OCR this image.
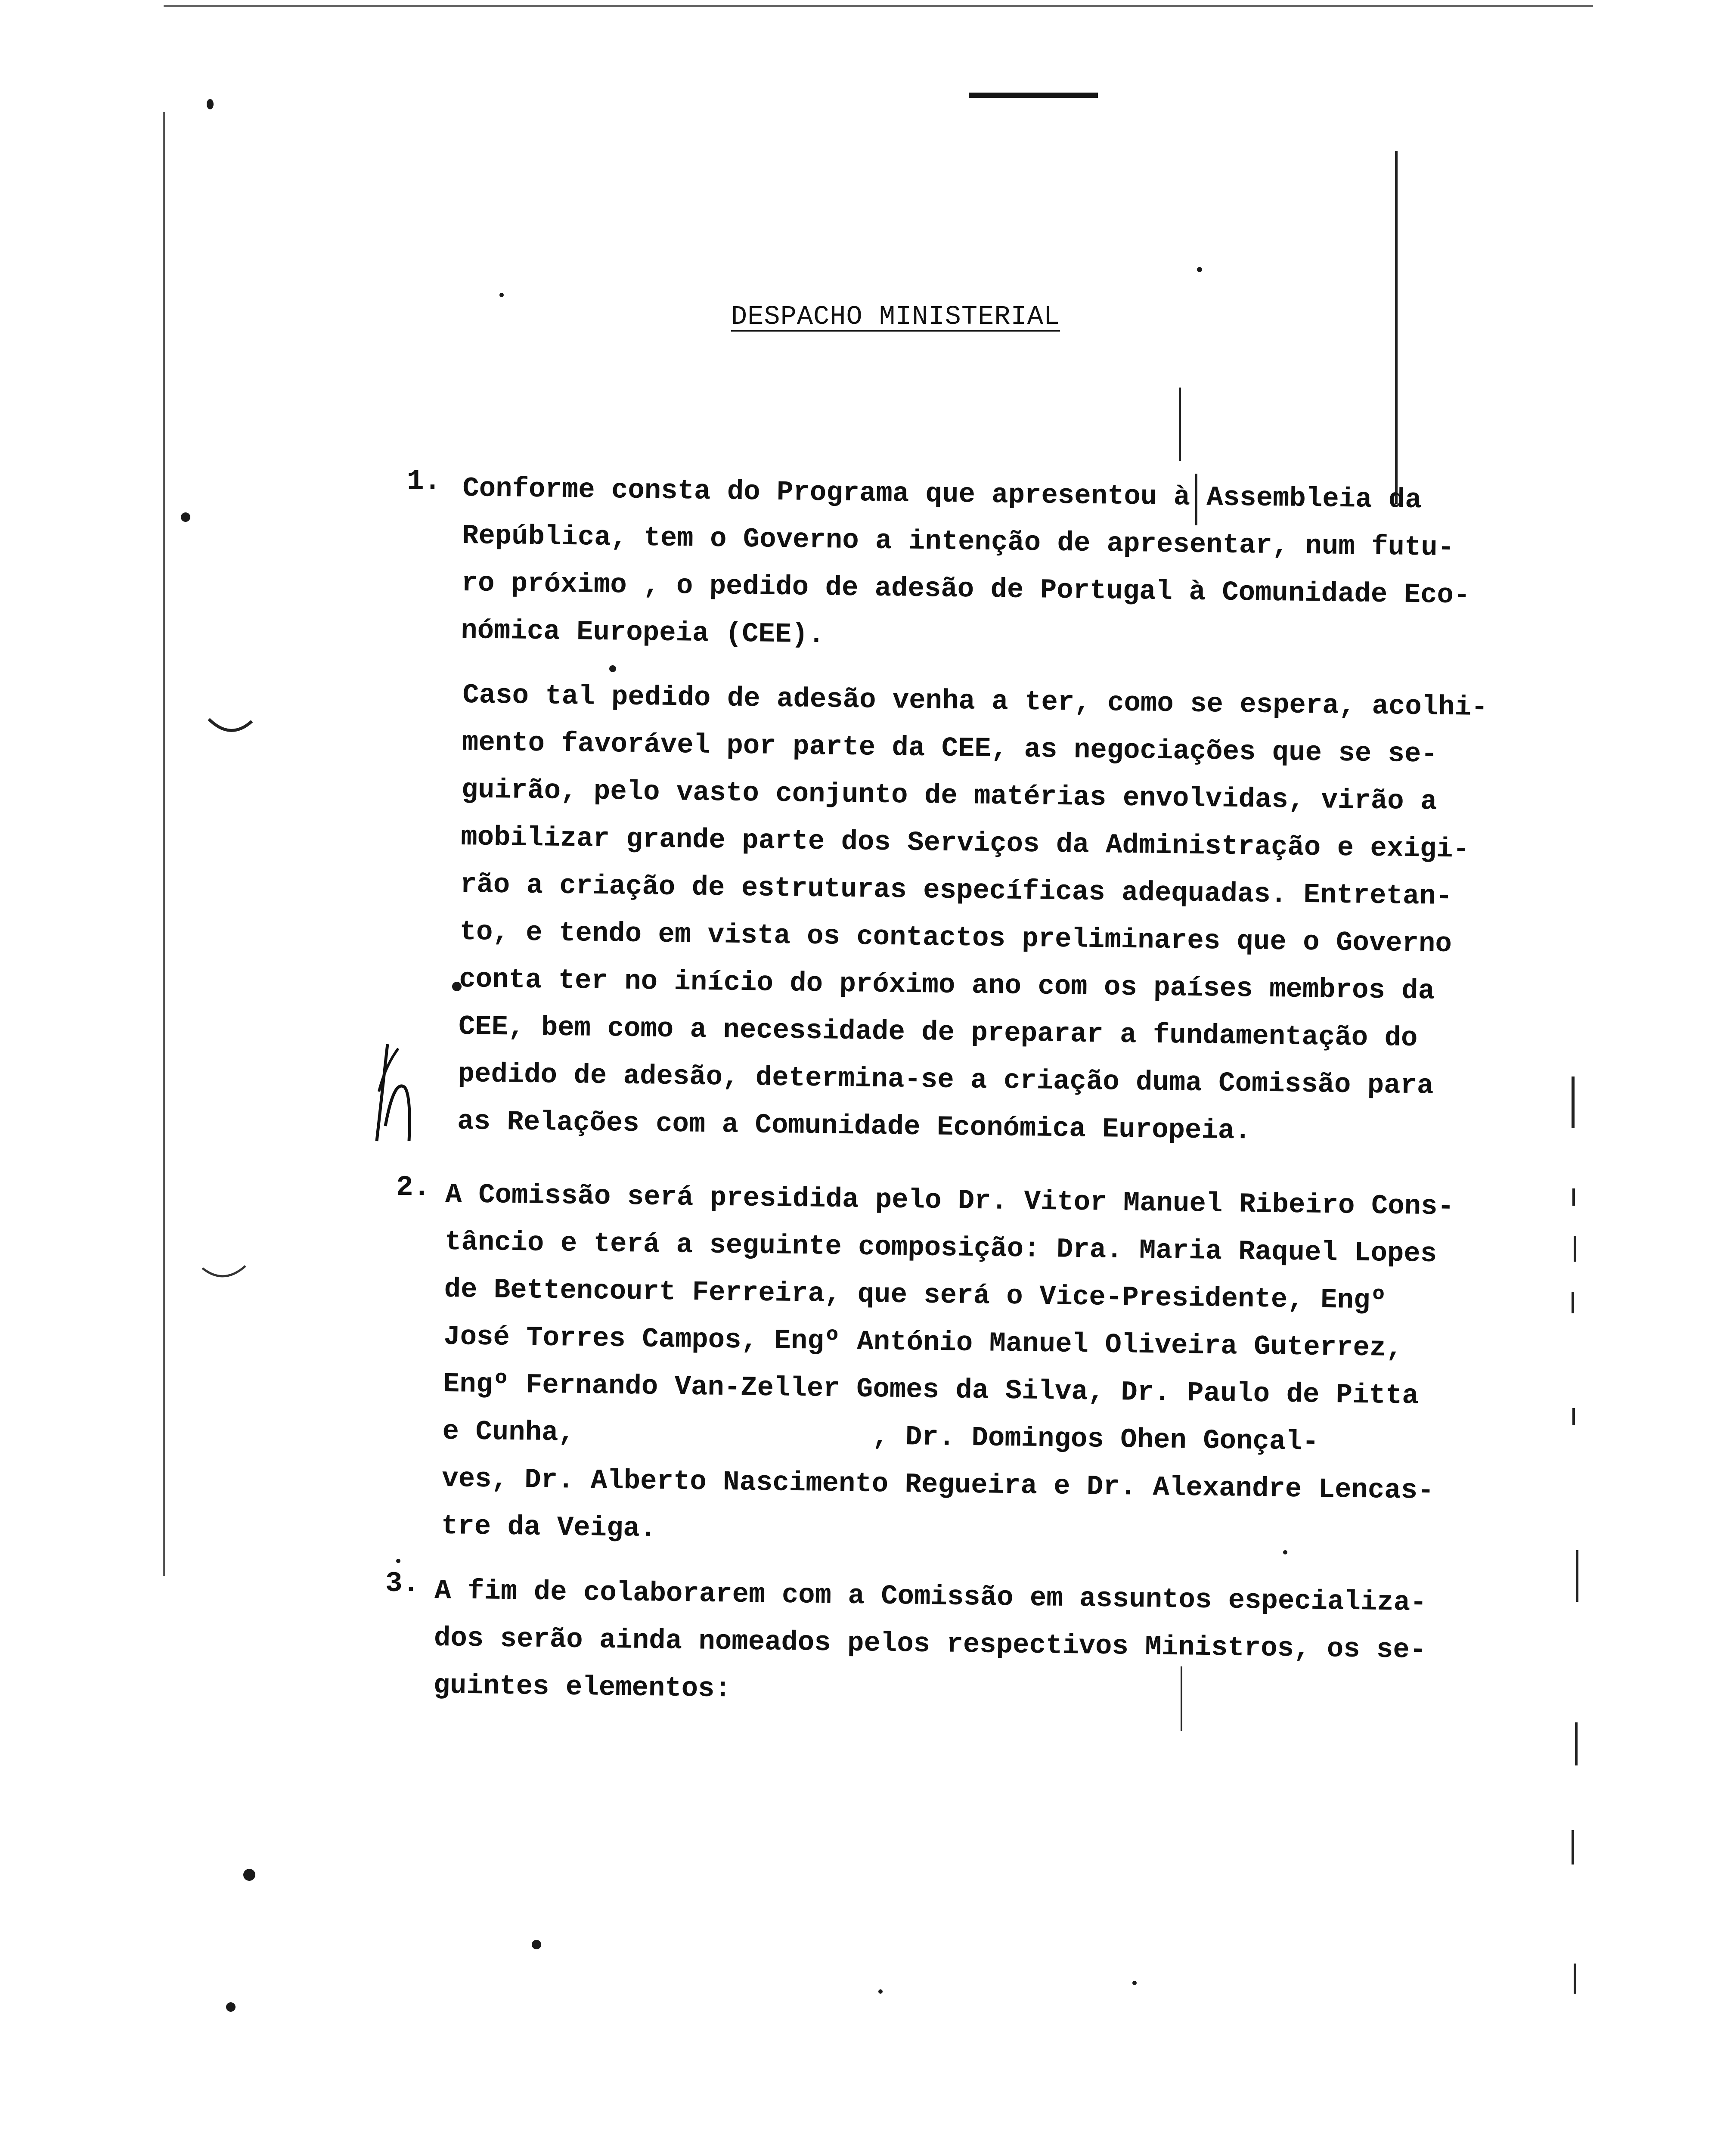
DESPACHO MINISTERIAL
1. Conforme consta do Programa que apresentou à Assembleia da
República, tem o Governo a intenção de apresentar, num futu-
ro próximo , o pedido de adesão de Portugal à Comunidade Eco-
nómica Europeia (CEE).
Caso tal pedido de adesão venha a ter, como se espera, acolhi-
mento favorável por parte da CEE, as negociações que se se-
guirão, pelo vasto conjunto de matérias envolvidas, virão a
mobilizar grande parte dos Serviços da Administração e exigi-
rão a criação de estruturas específicas adequadas. Entretan-
to, e tendo em vista os contactos preliminares que o Governo
conta ter no início do próximo ano com os países membros da
CEE, bem como a necessidade de preparar a fundamentação do
pedido de adesão, determina-se a criação duma Comissão para
as Relações com a Comunidade Económica Europeia.
2. A Comissão será presidida pelo Dr. Vitor Manuel Ribeiro Cons-
tâncio e terá a seguinte composição: Dra. Maria Raquel Lopes
de Bettencourt Ferreira, que será o Vice-Presidente, Engº
José Torres Campos, Engº António Manuel Oliveira Guterrez,
Engº Fernando Van-Zeller Gomes da Silva, Dr. Paulo de Pitta
e Cunha,                  , Dr. Domingos Ohen Gonçal-
ves, Dr. Alberto Nascimento Regueira e Dr. Alexandre Lencas-
tre da Veiga.
3. A fim de colaborarem com a Comissão em assuntos especializa-
dos serão ainda nomeados pelos respectivos Ministros, os se-
guintes elementos:
